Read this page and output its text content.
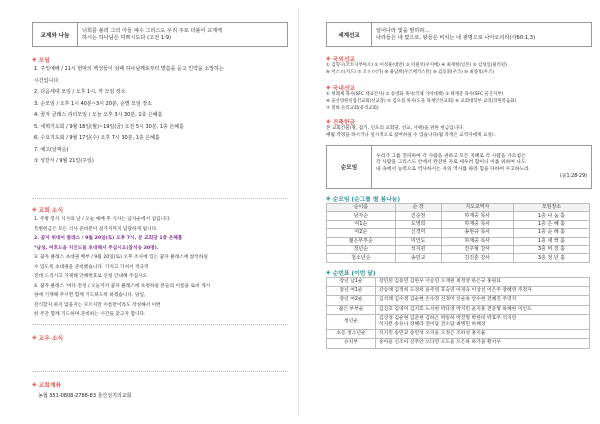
교제와 나눔
너희를 불러 그의 아들 예수 그리스도 우리 주로 더불어 교제케
하시는 하나님은 미쁘시도다 (고전 1:9)
◈ 모임
1. 주일예배 / 11시 현악의 백성들이 섬패 하나님께로부터 말씀을 듣고 인약을 소망하는
시간입니다.
2. 다음세대 모임 / 오후 1시, 각 모임 장소
3. 순모임 / 오후 1시 40분~3시 20분, 순별 모임 장소
4. 꿈자 클래스 리더모임 / 오늘 오후 3시 30분, 1층 은혜홀
5. 새벽기도회 / 9월 18일(월)~19일(금) 오전 5시 30분, 1층 은혜홀
6. 수요기도회 / 9월 17일(수) 오후 7시 30분, 1층 은혜홀
7. 예고(날짜순)
① 성찬식 / 9월 21일(주일)
◈ 교회 소식
1. 주방 봉사 식사의 날 / 오늘 예배 후 식사는 남자순에서 섬깁니다.
특별헌금은 모든 식사 준비분이 실가지까지 담당하게 됩니다.
2. 꿈자 위대어 클래스 / 9월 20일(토) 오후 7시, 본 교회당 1층 은혜홀
*남성, 여호드움 지인드들 초대해서 주십시오(참석송 30명).
3. 꿈자 클래스 초대권 배부 / 9월 20일(토) 오후 조사에 있는 꿈자 클래스에 참석하실
수 있도록 초대권을 준비했습니다. 가지고 가셔서 적극적
전데 드리시고 기제해 안해번호로 신청 안내해 주십시오.
4. 꿈자 클래스 '여다 전정 / 오늘까지 꿈자 클래스에 초청하실 분들의 이름을 로비 게시
판에 기재해 주시면 함께 기도하도록 하겠습니다. 당일,
잔식할지 하지 않을지는 모르지만 이름만이라도 작성해서 이번
한 주간 함께 기도하며 준비하는 시간을 갖고자 합니다.
◈ 교우 소식
◈ 교회계좌
농협 351-0808-2788-83 울산성지의교회
세계선교
일어나라 빛을 발하라…
나라들은 네 빛으로, 왕들은 비치는 네 광명으로 나아오리라(사60:1,3)
◈ 국외선교
① 김형구(코트디부아르) ② 이성훈(대만) ③ 이필선(우지베) ④ 최재현(일본) ⑤ 김성일(필리핀)
⑥ 이스ㅇ(지드) ⑦ 오ㅇㅇ(카) ⑧ 용남희(우즈베키스탄) ⑨ 김동휘(우즈) ⑩ 최종호(우즈)
◈ 국내선교
① 위례제 목사(SFC 대표간사) ② 송영화 목사(국제 기아대책) ③ 태재준 목사(SFC 울산지부)
④ 울산영원실업선교회(선교장) ⑤ 김요섭 목사(도울 목재인선교회) ⑥ 교회대학부 교역(학원복음화)
⑦ 밑바 유리교회(유리교회)
◈ 건축헌금
본 교회건물(땅, 집기, 인도의 교회당, 선교, 사택)을 위한 헌금입니다.
매월 작정을 하시거나 일시적으로 참여하실 수 있습니다(월 작정은 교역자에게 요청).
순모임
우리가 그를 전파하여 각 사람을 권하고 모든 지혜로 각 사람을 가르침은
각 사람을 그리스도 안에서 완전한 자로 세우려 함이니 이를 위하여 나도
내 속에서 능력으로 역사하시는 자의 역사를 따라 힘을 다하여 수고하노라
(골1:28-29)
◈ 순모임 (순그룹 별 봄나눔)
순이름	순 장	지도교역자	모임장소
남자순	진순천	하재중 목사	1층 나 눔 홀
여1순	도영희	하재중 목사	1층 은 혜 홀
여2순	신경미	송현규 목사	1층 순 례 홀
젊은부부순	미인도	하재중 목사	1층 새 싹 홀
청년순	석지윈	전주형 강사	3층 비 전 홀
청소년순	송민교	김진훈 강사	3층 청 년 홀
◈ 순번표 (이번 달)
장년 남1순	장민된 김동민 김한우 서승연 오재원 최정영 하은규 홍원표

장년 여1순	강승례 김정희 도경희 윤주영 호숙연 이경숙 이상선 이은주 장혜영 주정자

장년 여2순	김석례 김수정 김순현 손수정 신경미 신순옥 안수현 전혜진 주영지

젊은 부부순	김진호 김영미 김지호 노서현 박다영 박지민 윤지훈 전준형 하혜현 미인도

청년순	김상경 김순현 김준현 김하은 박동하 박진형 박한비 박효주 석지윈
석지완 송유나 장혜라 전미담 전소담 최병민 하혜성

초등 청소년순	석지윈 송민교 송민성 오지윤 오정은 조하성 홍지율

유치부	송아윤 신조아 신주안 오다연 오도윤 오은하 하가을 황서우
